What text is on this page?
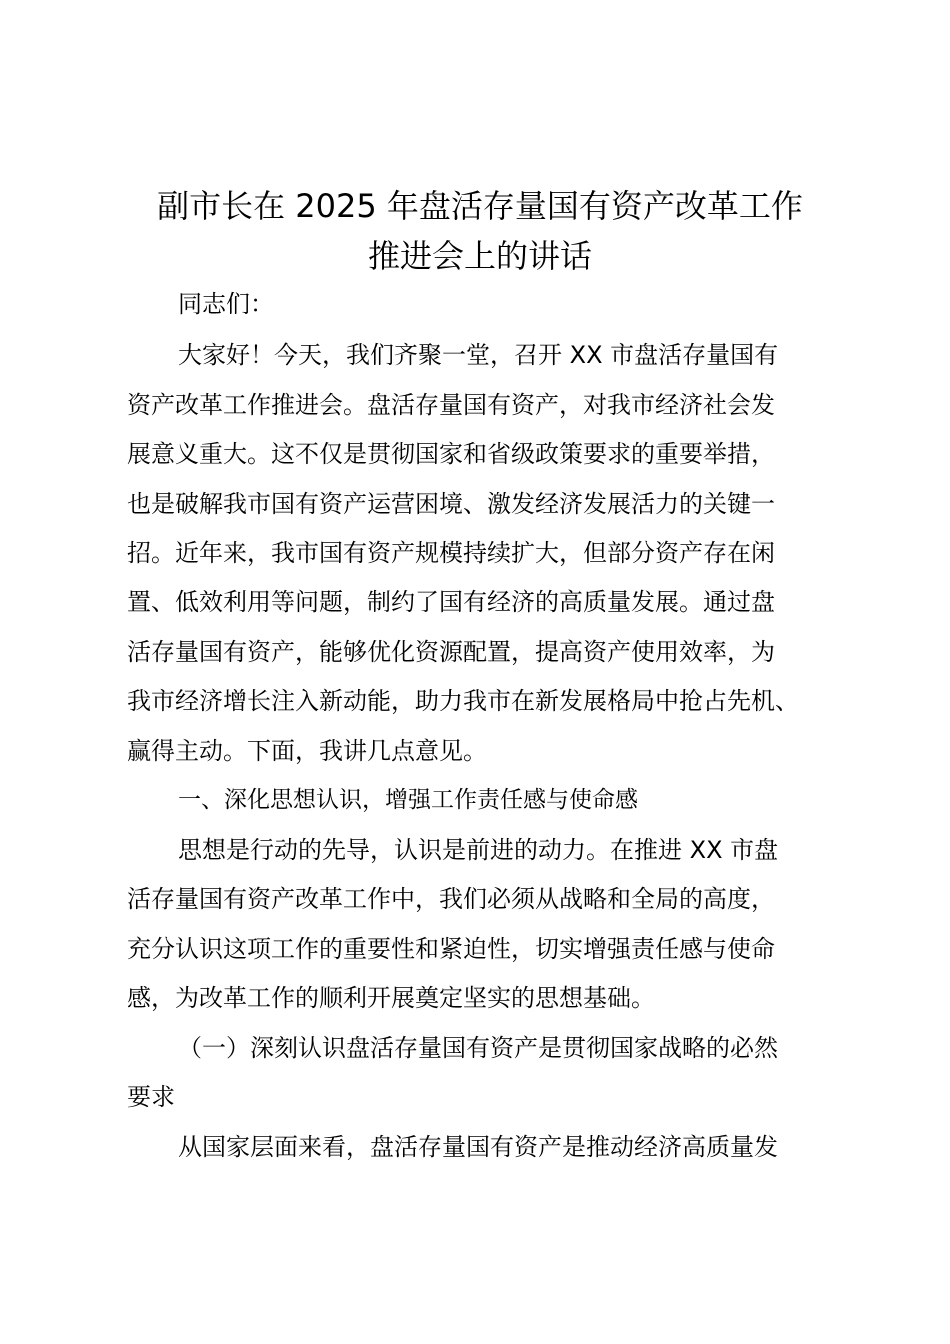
副市长在 2025 年盘活存量国有资产改革工作
推进会上的讲话

同志们：

大家好！今天，我们齐聚一堂，召开 XX 市盘活存量国有

资产改革工作推进会。盘活存量国有资产，对我市经济社会发

展意义重大。这不仅是贯彻国家和省级政策要求的重要举措，

也是破解我市国有资产运营困境、激发经济发展活力的关键一

招。近年来，我市国有资产规模持续扩大，但部分资产存在闲

置、低效利用等问题，制约了国有经济的高质量发展。通过盘

活存量国有资产，能够优化资源配置，提高资产使用效率，为

我市经济增长注入新动能，助力我市在新发展格局中抢占先机、

赢得主动。下面，我讲几点意见。

一、深化思想认识，增强工作责任感与使命感

思想是行动的先导，认识是前进的动力。在推进 XX 市盘

活存量国有资产改革工作中，我们必须从战略和全局的高度，

充分认识这项工作的重要性和紧迫性，切实增强责任感与使命

感，为改革工作的顺利开展奠定坚实的思想基础。

（一）深刻认识盘活存量国有资产是贯彻国家战略的必然

要求

从国家层面来看，盘活存量国有资产是推动经济高质量发
